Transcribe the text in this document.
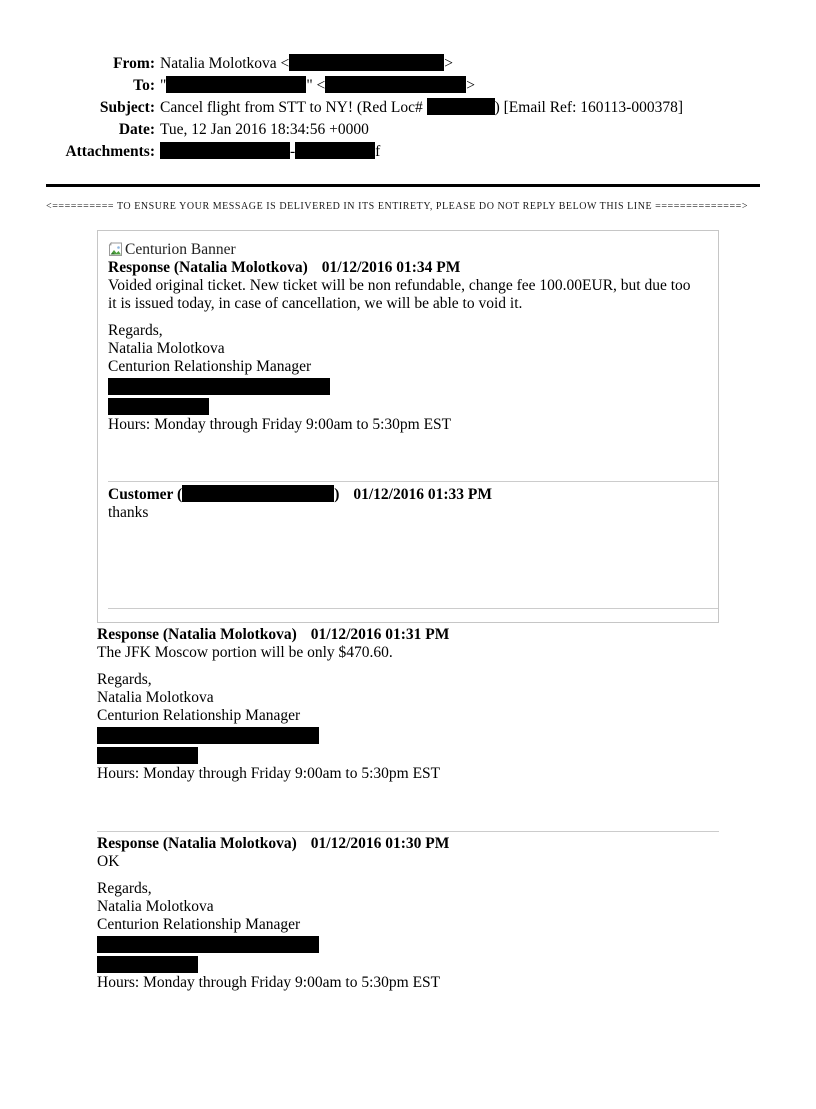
From: Natalia Molotkova <	>
To: "	" <	>
Subject: Cancel flight from STT to NY! (Red Loc#	) [Email Ref: 160113-000378]
Date: Tue, 12 Jan 2016 18:34:56 +0000
Attachments:	-	f
<========== TO ENSURE YOUR MESSAGE IS DELIVERED IN ITS ENTIRETY, PLEASE DO NOT REPLY BELOW THIS LINE ==============>
Centurion Banner
Response (Natalia Molotkova) 01/12/2016 01:34 PM

Voided original ticket. New ticket will be non refundable, change fee 100.00EUR, but due too it is issued today, in case of cancellation, we will be able to void it.

Regards,
Natalia Molotkova
Centurion Relationship Manager
Hours: Monday through Friday 9:00am to 5:30pm EST
Customer (	) 01/12/2016 01:33 PM

thanks

Response (Natalia Molotkova) 01/12/2016 01:31 PM

The JFK Moscow portion will be only $470.60.

Regards,
Natalia Molotkova
Centurion Relationship Manager
Hours: Monday through Friday 9:00am to 5:30pm EST
Response (Natalia Molotkova) 01/12/2016 01:30 PM

OK

Regards,
Natalia Molotkova
Centurion Relationship Manager
Hours: Monday through Friday 9:00am to 5:30pm EST
